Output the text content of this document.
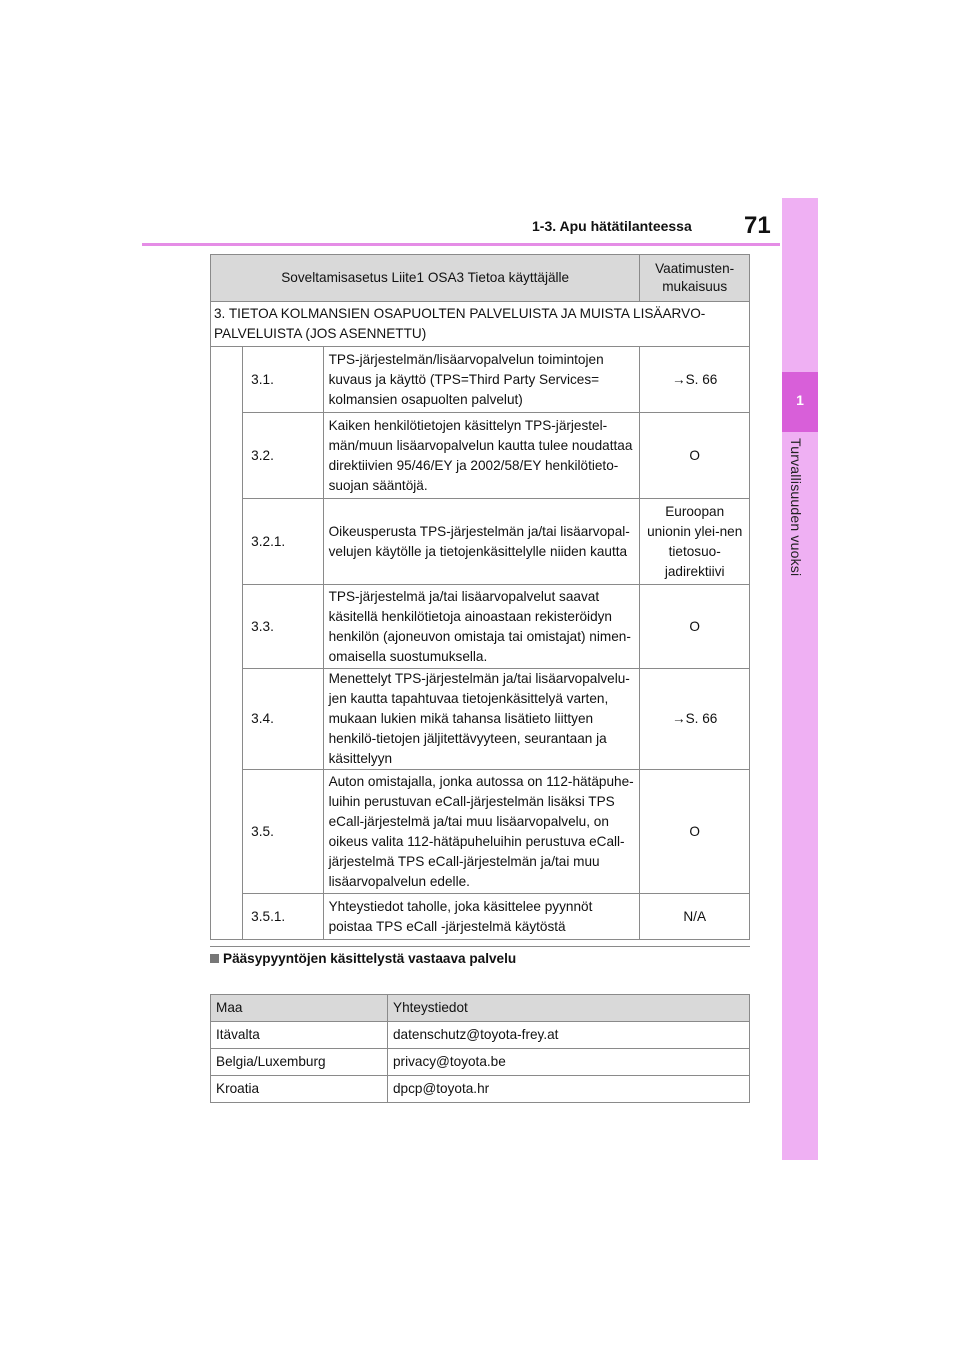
1-3. Apu hätätilanteessa 71
1
Turvallisuuden vuoksi
Soveltamisasetus Liite1 OSA3 Tietoa käyttäjälle			Vaatimusten-mukaisuus
3. TIETOA KOLMANSIEN OSAPUOLTEN PALVELUISTA JA MUISTA LISÄARVO-PALVELUISTA (JOS ASENNETTU)			
	3.1.	TPS-järjestelmän/lisäarvopalvelun toimintojen kuvaus ja käyttö (TPS=Third Party Services= kolmansien osapuolten palvelut)	→S. 66
	3.2.	Kaiken henkilötietojen käsittelyn TPS-järjestel-män/muun lisäarvopalvelun kautta tulee noudattaa direktiivien 95/46/EY ja 2002/58/EY henkilötieto-suojan sääntöjä.	O
	3.2.1.	Oikeusperusta TPS-järjestelmän ja/tai lisäarvopal-velujen käytölle ja tietojenkäsittelylle niiden kautta	Euroopan unionin ylei-nen tietosuo-jadirektiivi
	3.3.	TPS-järjestelmä ja/tai lisäarvopalvelut saavat käsitellä henkilötietoja ainoastaan rekisteröidyn henkilön (ajoneuvon omistaja tai omistajat) nimen-omaisella suostumuksella.	O
	3.4.	Menettelyt TPS-järjestelmän ja/tai lisäarvopalvelu-jen kautta tapahtuvaa tietojenkäsittelyä varten, mukaan lukien mikä tahansa lisätieto liittyen henkilö-tietojen jäljitettävyyteen, seurantaan ja käsittelyyn	→S. 66
	3.5.	Auton omistajalla, jonka autossa on 112-hätäpuhe-luihin perustuvan eCall-järjestelmän lisäksi TPS eCall-järjestelmä ja/tai muu lisäarvopalvelu, on oikeus valita 112-hätäpuheluihin perustuva eCall-järjestelmä TPS eCall-järjestelmän ja/tai muu lisäarvopalvelun edelle.	O
	3.5.1.	Yhteystiedot taholle, joka käsittelee pyynnöt poistaa TPS eCall -järjestelmä käytöstä	N/A
Pääsypyyntöjen käsittelystä vastaava palvelu
Maa	Yhteystiedot
Itävalta	datenschutz@toyota-frey.at
Belgia/Luxemburg	privacy@toyota.be
Kroatia	dpcp@toyota.hr
